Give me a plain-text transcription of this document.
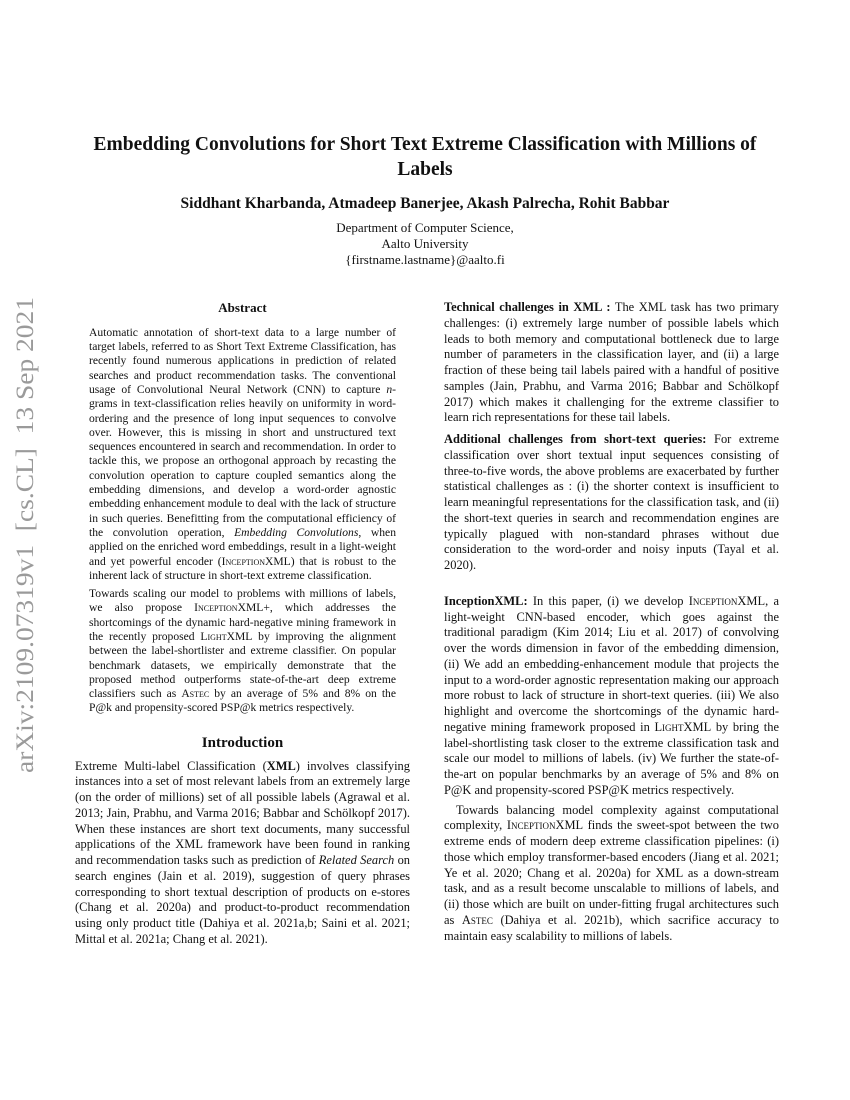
arXiv:2109.07319v1  [cs.CL]  13 Sep 2021
Embedding Convolutions for Short Text Extreme Classification with Millions of Labels
Siddhant Kharbanda, Atmadeep Banerjee, Akash Palrecha, Rohit Babbar
Department of Computer Science,
Aalto University
{firstname.lastname}@aalto.fi
Abstract

Automatic annotation of short-text data to a large number of target labels, referred to as Short Text Extreme Classification, has recently found numerous applications in prediction of related searches and product recommendation tasks. The conventional usage of Convolutional Neural Network (CNN) to capture n-grams in text-classification relies heavily on uniformity in word-ordering and the presence of long input sequences to convolve over. However, this is missing in short and unstructured text sequences encountered in search and recommendation. In order to tackle this, we propose an orthogonal approach by recasting the convolution operation to capture coupled semantics along the embedding dimensions, and develop a word-order agnostic embedding enhancement module to deal with the lack of structure in such queries. Benefitting from the computational efficiency of the convolution operation, Embedding Convolutions, when applied on the enriched word embeddings, result in a light-weight and yet powerful encoder (InceptionXML) that is robust to the inherent lack of structure in short-text extreme classification.

Towards scaling our model to problems with millions of labels, we also propose InceptionXML+, which addresses the shortcomings of the dynamic hard-negative mining framework in the recently proposed LightXML by improving the alignment between the label-shortlister and extreme classifier. On popular benchmark datasets, we empirically demonstrate that the proposed method outperforms state-of-the-art deep extreme classifiers such as Astec by an average of 5% and 8% on the P@k and propensity-scored PSP@k metrics respectively.

Introduction

Extreme Multi-label Classification (XML) involves classifying instances into a set of most relevant labels from an extremely large (on the order of millions) set of all possible labels (Agrawal et al. 2013; Jain, Prabhu, and Varma 2016; Babbar and Schölkopf 2017). When these instances are short text documents, many successful applications of the XML framework have been found in ranking and recommendation tasks such as prediction of Related Search on search engines (Jain et al. 2019), suggestion of query phrases corresponding to short textual description of products on e-stores (Chang et al. 2020a) and product-to-product recommendation using only product title (Dahiya et al. 2021a,b; Saini et al. 2021; Mittal et al. 2021a; Chang et al. 2021).

Technical challenges in XML : The XML task has two primary challenges: (i) extremely large number of possible labels which leads to both memory and computational bottleneck due to large number of parameters in the classification layer, and (ii) a large fraction of these being tail labels paired with a handful of positive samples (Jain, Prabhu, and Varma 2016; Babbar and Schölkopf 2017) which makes it challenging for the extreme classifier to learn rich representations for these tail labels.

Additional challenges from short-text queries: For extreme classification over short textual input sequences consisting of three-to-five words, the above problems are exacerbated by further statistical challenges as : (i) the shorter context is insufficient to learn meaningful representations for the classification task, and (ii) the short-text queries in search and recommendation engines are typically plagued with non-standard phrases without due consideration to the word-order and noisy inputs (Tayal et al. 2020).

InceptionXML: In this paper, (i) we develop InceptionXML, a light-weight CNN-based encoder, which goes against the traditional paradigm (Kim 2014; Liu et al. 2017) of convolving over the words dimension in favor of the embedding dimension, (ii) We add an embedding-enhancement module that projects the input to a word-order agnostic representation making our approach more robust to lack of structure in short-text queries. (iii) We also highlight and overcome the shortcomings of the dynamic hard-negative mining framework proposed in LightXML by bring the label-shortlisting task closer to the extreme classification task and scale our model to millions of labels. (iv) We further the state-of-the-art on popular benchmarks by an average of 5% and 8% on P@K and propensity-scored PSP@K metrics respectively.

Towards balancing model complexity against computational complexity, InceptionXML finds the sweet-spot between the two extreme ends of modern deep extreme classification pipelines: (i) those which employ transformer-based encoders (Jiang et al. 2021; Ye et al. 2020; Chang et al. 2020a) for XML as a down-stream task, and as a result become unscalable to millions of labels, and (ii) those which are built on under-fitting frugal architectures such as Astec (Dahiya et al. 2021b), which sacrifice accuracy to maintain easy scalability to millions of labels.
